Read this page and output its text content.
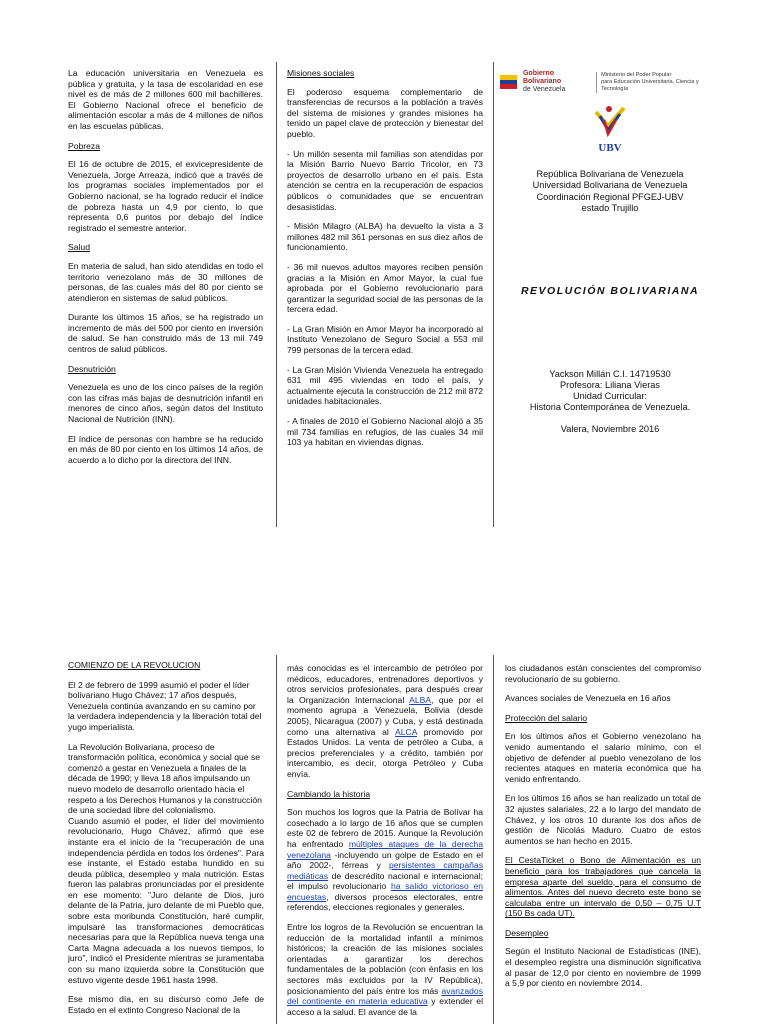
La educación universitaria en Venezuela es pública y gratuita, y la tasa de escolaridad en ese nivel es de más de 2 millones 600 mil bachilleres. El Gobierno Nacional ofrece el beneficio de alimentación escolar a más de 4 millones de niños en las escuelas públicas.

Pobreza

El 16 de octubre de 2015, el exvicepresidente de Venezuela, Jorge Arreaza, indicó que a través de los programas sociales implementados por el Gobierno nacional, se ha logrado reducir el índice de pobreza hasta un 4,9 por ciento, lo que representa 0,6 puntos por debajo del índice registrado el semestre anterior.

Salud

En materia de salud, han sido atendidas en todo el territorio venezolano más de 30 millones de personas, de las cuales más del 80 por ciento se atendieron en sistemas de salud públicos.

Durante los últimos 15 años, se ha registrado un incremento de más del 500 por ciento en inversión de salud. Se han construido más de 13 mil 749 centros de salud públicos.

Desnutrición

Venezuela es uno de los cinco países de la región con las cifras más bajas de desnutrición infantil en menores de cinco años, según datos del Instituto Nacional de Nutrición (INN).

El índice de personas con hambre se ha reducido en más de 80 por ciento en los últimos 14 años, de acuerdo a lo dicho por la directora del INN.

Misiones sociales

El poderoso esquema complementario de transferencias de recursos a la población a través del sistema de misiones y grandes misiones ha tenido un papel clave de protección y bienestar del pueblo.

- Un millón sesenta mil familias son atendidas por la Misión Barrio Nuevo Barrio Tricolor, en 73 proyectos de desarrollo urbano en el país. Esta atención se centra en la recuperación de espacios públicos o comunidades que se encuentran desasistidas.

- Misión Milagro (ALBA) ha devuelto la vista a 3 millones 482 mil 361 personas en sus diez años de funcionamiento.

- 36 mil nuevos adultos mayores reciben pensión gracias a la Misión en Amor Mayor, la cual fue aprobada por el Gobierno revolucionario para garantizar la seguridad social de las personas de la tercera edad.

- La Gran Misión en Amor Mayor ha incorporado al Instituto Venezolano de Seguro Social a 553 mil 799 personas de la tercera edad.

- La Gran Misión Vivienda Venezuela ha entregado 631 mil 495 viviendas en todo el país, y actualmente ejecuta la construcción de 212 mil 872 unidades habitacionales.

- A finales de 2010 el Gobierno Nacional alojó a 35 mil 734 familias en refugios, de las cuales 34 mil 103 ya habitan en viviendas dignas.

Gobierno Bolivariano
de Venezuela
Ministerio del Poder Popular
para Educación Universitaria, Ciencia y Tecnología
UBV
República Bolivariana de Venezuela
Universidad Bolivariana de Venezuela
Coordinación Regional PFGEJ-UBV
estado Trujillo
REVOLUCIÓN BOLIVARIANA
Yackson Millán C.I. 14719530
Profesora: Liliana Vieras
Unidad Curricular:
Historia Contemporánea de Venezuela.
Valera, Noviembre 2016

COMIENZO DE LA REVOLUCION

El 2 de febrero de 1999 asumió el poder el líder bolivariano Hugo Chávez; 17 años después, Venezuela continúa avanzando en su camino por la verdadera independencia y la liberación total del yugo imperialista.

La Revolución Bolivariana, proceso de transformación política, económica y social que se comenzó a gestar en Venezuela a finales de la década de 1990; y lleva 18 años impulsando un nuevo modelo de desarrollo orientado hacia el respeto a los Derechos Humanos y la construcción de una sociedad libre del colonialismo.

Cuando asumió el poder, el líder del movimiento revolucionario, Hugo Chávez, afirmó que ese instante era el inicio de la "recuperación de una independencia pérdida en todos los órdenes". Para ese instante, el Estado estaba hundido en su deuda pública, desempleo y mala nutrición. Estas fueron las palabras pronunciadas por el presidente en ese momento: "Juro delante de Dios, juro delante de la Patria, juro delante de mi Pueblo que, sobre esta moribunda Constitución, haré cumplir, impulsaré las transformaciones democráticas necesarias para que la República nueva tenga una Carta Magna adecuada a los nuevos tiempos, lo juro", indicó el Presidente mientras se juramentaba con su mano izquierda sobre la Constitución que estuvo vigente desde 1961 hasta 1998.

Ese mismo día, en su discurso como Jefe de Estado en el extinto Congreso Nacional de la

más conocidas es el intercambio de petróleo por médicos, educadores, entrenadores deportivos y otros servicios profesionales, para después crear la Organización Internacional ALBA, que por el momento agrupa a Venezuela, Bolivia (desde 2005), Nicaragua (2007) y Cuba, y está destinada como una alternativa al ALCA promovido por Estados Unidos. La venta de petróleo a Cuba, a precios preferenciales y a crédito, también por intercambio, es decir, otorga Petróleo y Cuba envía.

Cambiando la historia

Son muchos los logros que la Patria de Bolívar ha cosechado a lo largo de 16 años que se cumplen este 02 de febrero de 2015. Aunque la Revolución ha enfrentado múltiples ataques de la derecha venezolana -incluyendo un golpe de Estado en el año 2002-, férreas y persistentes campañas mediáticas de descrédito nacional e internacional; el impulso revolucionario ha salido victorioso en encuestas, diversos procesos electorales, entre referendos, elecciones regionales y generales.

Entre los logros de la Revolución se encuentran la reducción de la mortalidad infantil a mínimos históricos; la creación de las misiones sociales orientadas a garantizar los derechos fundamentales de la población (con énfasis en los sectores más excluidos por la IV República), posicionamiento del país entre los más avanzados del continente en materia educativa y extender el acceso a la salud. El avance de la

los ciudadanos están conscientes del compromiso revolucionario de su gobierno.

Avances sociales de Venezuela en 16 años

Protección del salario

En los últimos años el Gobierno venezolano ha venido aumentando el salario mínimo, con el objetivo de defender al pueblo venezolano de los recientes ataques en materia económica que ha venido enfrentando.

En los últimos 16 años se han realizado un total de 32 ajustes salariales, 22 a lo largo del mandato de Chávez, y los otros 10 durante los dos años de gestión de Nicolás Maduro. Cuatro de estos aumentos se han hecho en 2015.

El CestaTicket o Bono de Alimentación es un beneficio para los trabajadores que cancela la empresa aparte del sueldo, para el consumo de alimentos. Antes del nuevo decreto este bono se calculaba entre un intervalo de 0,50 – 0,75 U.T (150 Bs cada UT).

Desempleo

Según el Instituto Nacional de Estadísticas (INE), el desempleo registra una disminución significativa al pasar de 12,0 por ciento en noviembre de 1999 a 5,9 por ciento en noviembre 2014.
